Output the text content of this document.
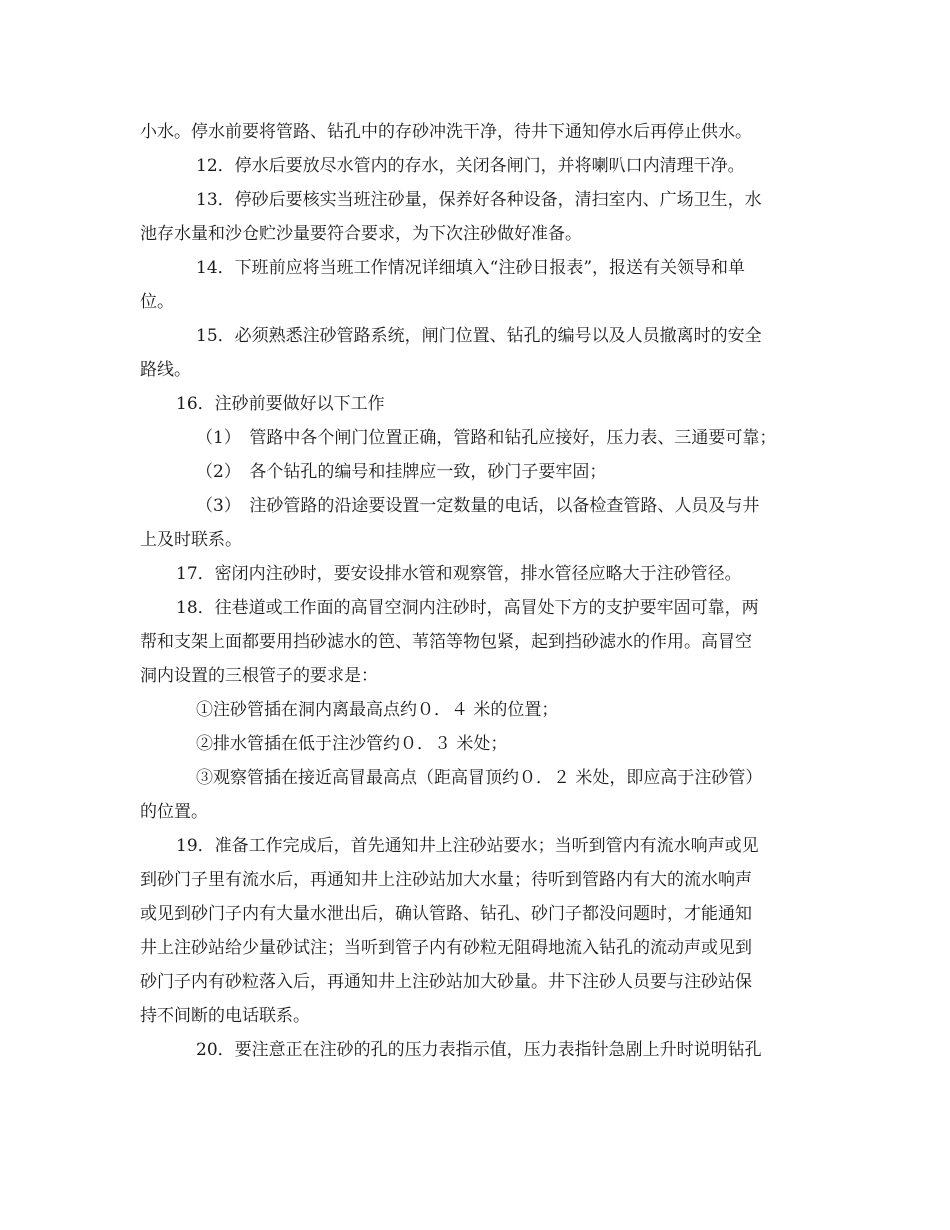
小水。停水前要将管路、钻孔中的存砂冲洗干净，待井下通知停水后再停止供水。
12．停水后要放尽水管内的存水，关闭各闸门，并将喇叭口内清理干净。
13．停砂后要核实当班注砂量，保养好各种设备，清扫室内、广场卫生，水
池存水量和沙仓贮沙量要符合要求，为下次注砂做好准备。
14．下班前应将当班工作情况详细填入“注砂日报表”，报送有关领导和单
位。
15．必须熟悉注砂管路系统，闸门位置、钻孔的编号以及人员撤离时的安全
路线。
16．注砂前要做好以下工作
（1）　管路中各个闸门位置正确，管路和钻孔应接好，压力表、三通要可靠；
（2）　各个钻孔的编号和挂牌应一致，砂门子要牢固；
（3）　注砂管路的沿途要设置一定数量的电话，以备检查管路、人员及与井
上及时联系。
17．密闭内注砂时，要安设排水管和观察管，排水管径应略大于注砂管径。
18．往巷道或工作面的高冒空洞内注砂时，高冒处下方的支护要牢固可靠，两
帮和支架上面都要用挡砂滤水的笆、苇箔等物包紧，起到挡砂滤水的作用。高冒空
洞内设置的三根管子的要求是：
①注砂管插在洞内离最高点约０．４ 米的位置；
②排水管插在低于注沙管约０．３ 米处；
③观察管插在接近高冒最高点（距高冒顶约０．２ 米处，即应高于注砂管）
的位置。
19．准备工作完成后，首先通知井上注砂站要水；当听到管内有流水响声或见
到砂门子里有流水后，再通知井上注砂站加大水量；待听到管路内有大的流水响声
或见到砂门子内有大量水泄出后，确认管路、钻孔、砂门子都没问题时，才能通知
井上注砂站给少量砂试注；当听到管子内有砂粒无阻碍地流入钻孔的流动声或见到
砂门子内有砂粒落入后，再通知井上注砂站加大砂量。井下注砂人员要与注砂站保
持不间断的电话联系。
20．要注意正在注砂的孔的压力表指示值，压力表指针急剧上升时说明钻孔
